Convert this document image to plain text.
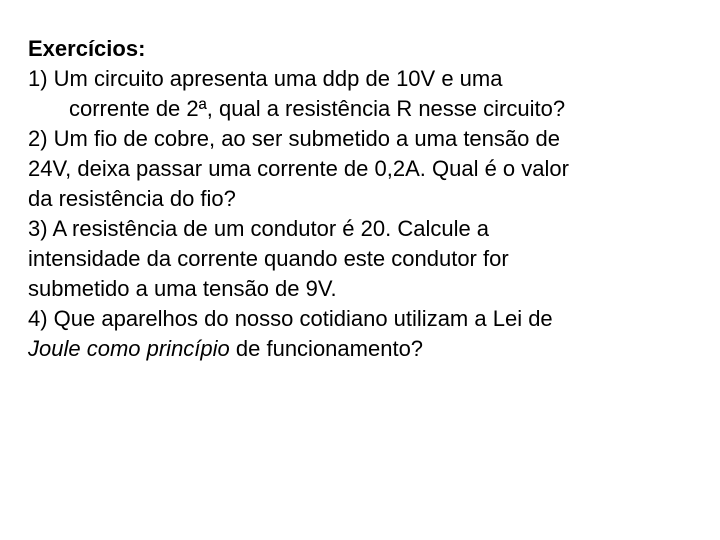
Exercícios:
1) Um circuito apresenta uma ddp de 10V e uma
corrente de 2ª, qual a resistência R nesse circuito?
2) Um fio de cobre, ao ser submetido a uma tensão de
24V, deixa passar uma corrente de 0,2A. Qual é o valor
da resistência do fio?
3) A resistência de um condutor é 20. Calcule a
intensidade da corrente quando este condutor for
submetido a uma tensão de 9V.
4) Que aparelhos do nosso cotidiano utilizam a Lei de
Joule como princípio de funcionamento?
